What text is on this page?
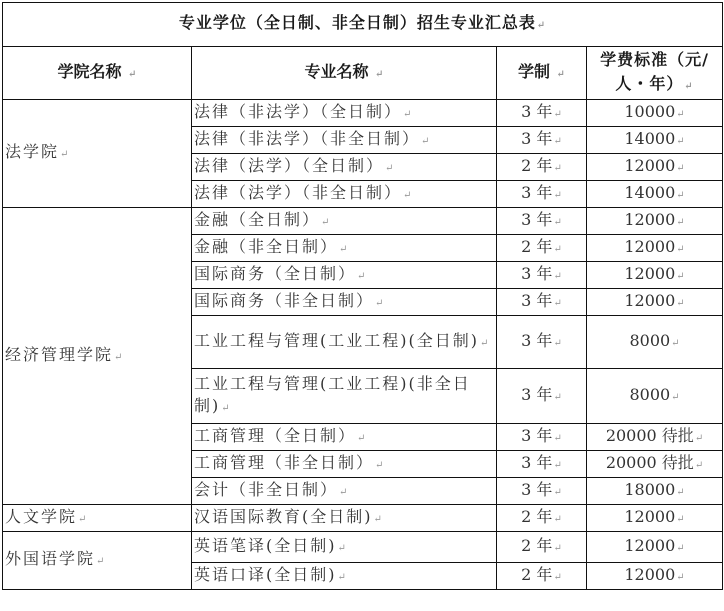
专业学位（全日制、非全日制）招生专业汇总表↵			
学院名称 ↵	专业名称 ↵	学制 ↵	学费标准（元/人・年）↵
法学院↵	法律（非法学）（全日制）↵	3 年↵	10000↵
	法律（非法学）（非全日制）↵	3 年↵	14000↵
	法律（法学）（全日制）↵	2 年↵	12000↵
	法律（法学）（非全日制）↵	3 年↵	14000↵
经济管理学院↵	金融（全日制）↵	3 年↵	12000↵
	金融（非全日制）↵	2 年↵	12000↵
	国际商务（全日制）↵	3 年↵	12000↵
	国际商务（非全日制）↵	3 年↵	12000↵
	工业工程与管理(工业工程)(全日制)↵	3 年↵	8000↵
	工业工程与管理(工业工程)(非全日制)↵	3 年↵	8000↵
	工商管理（全日制）↵	3 年↵	20000 待批↵
	工商管理（非全日制）↵	3 年↵	20000 待批↵
	会计（非全日制）↵	3 年↵	18000↵
人文学院↵	汉语国际教育(全日制)↵	2 年↵	12000↵
外国语学院↵	英语笔译(全日制)↵	2 年↵	12000↵
	英语口译(全日制)↵	2 年↵	12000↵
